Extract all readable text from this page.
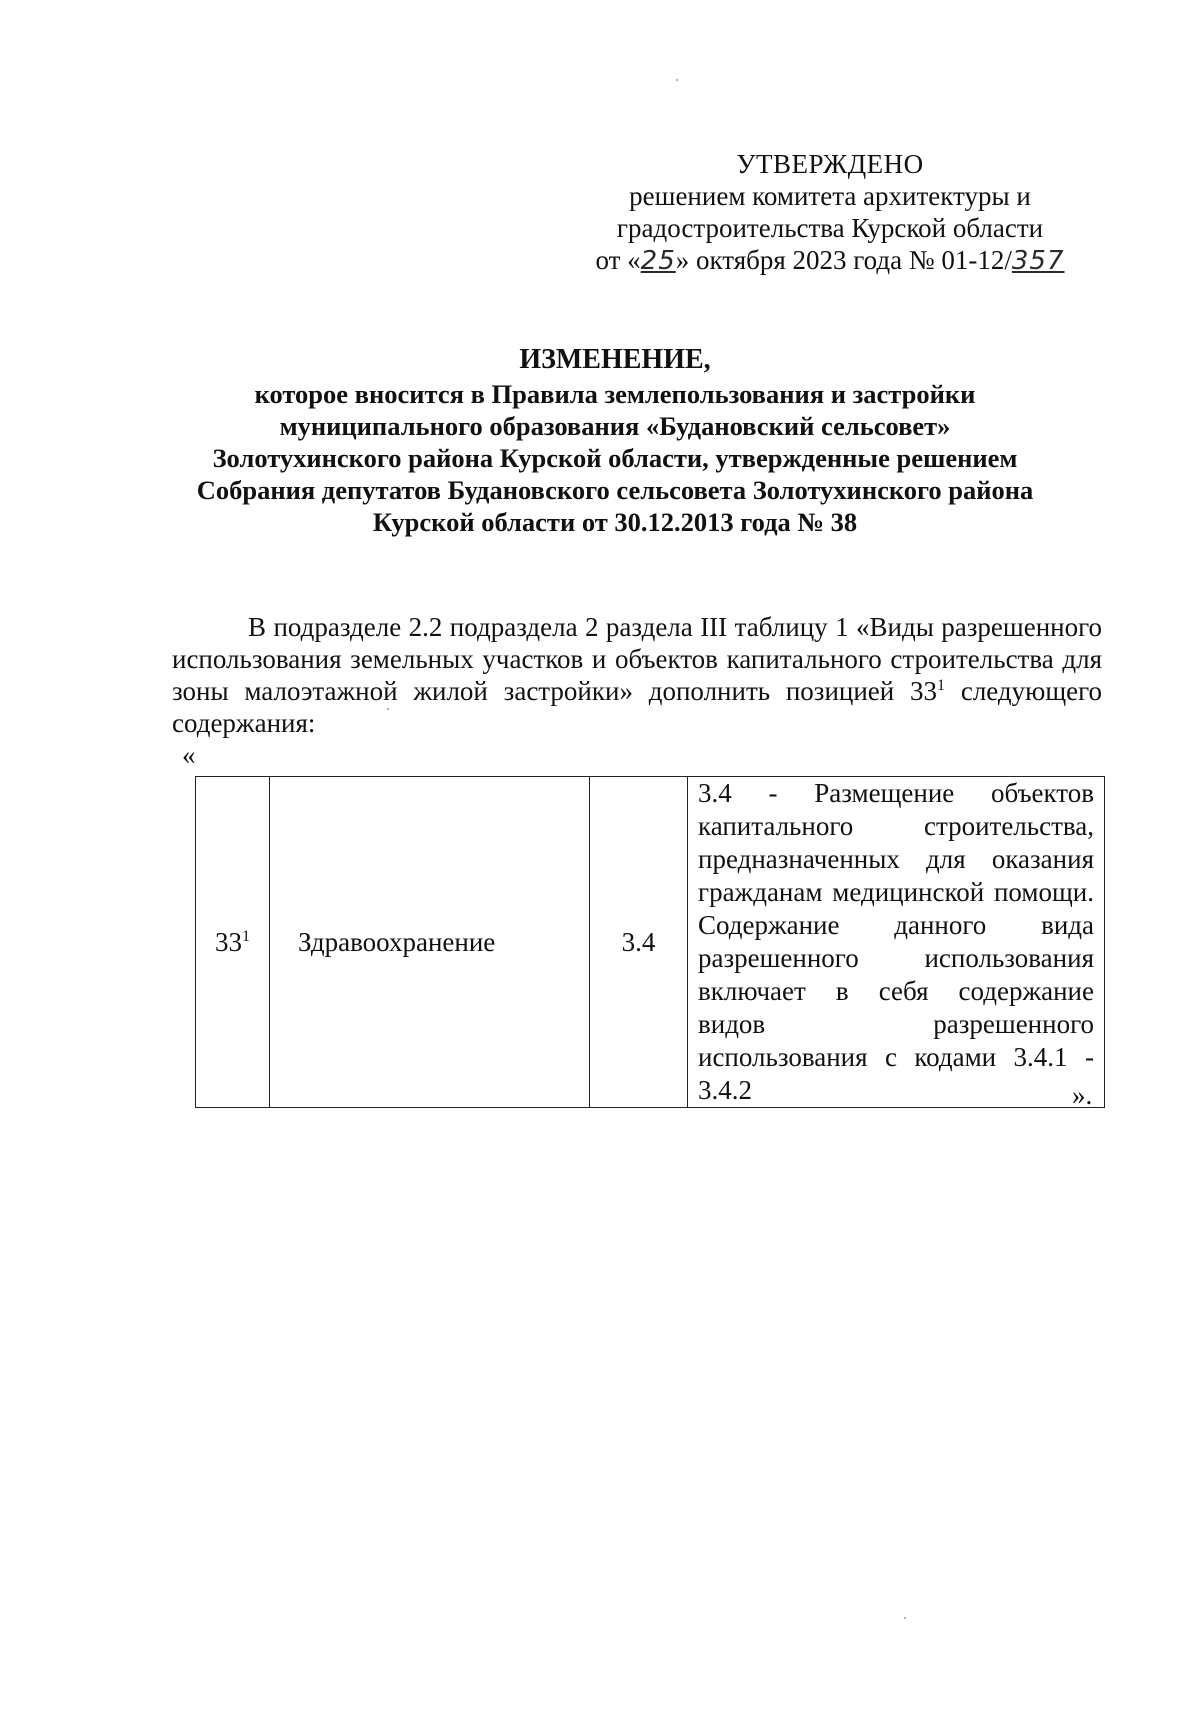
УТВЕРЖДЕНО
решением комитета архитектуры и
градостроительства Курской области
от «25» октября 2023 года № 01-12/357
ИЗМЕНЕНИЕ,
которое вносится в Правила землепользования и застройки
муниципального образования «Будановский сельсовет»
Золотухинского района Курской области, утвержденные решением
Собрания депутатов Будановского сельсовета Золотухинского района
Курской области от 30.12.2013 года № 38
В подразделе 2.2 подраздела 2 раздела III таблицу 1 «Виды разрешенного использования земельных участков и объектов капитального строительства для зоны малоэтажной жилой застройки» дополнить позицией $33^1$ следующего содержания:
«
$33^1$	Здравоохранение	3.4	3.4 - Размещение объектов капитального строительства, предназначенных для оказания гражданам медицинской помощи. Содержание данного вида разрешенного использования включает в себя содержание видов разрешенного использования с кодами 3.4.1 - 3.4.2	».
